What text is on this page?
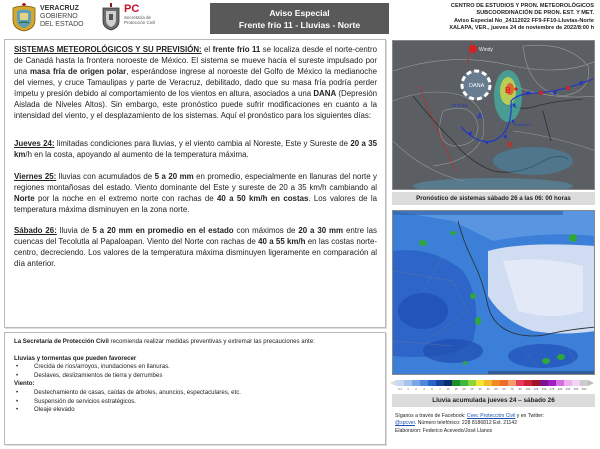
VERACRUZ
GOBIERNO
DEL ESTADO
PC
Secretaría de
Protección Civil
Aviso Especial
Frente frío 11 - Lluvias - Norte
CENTRO DE ESTUDIOS Y PRON. METEOROLÓGICOS
SUBCOORDINACIÓN DE PRON. EST. Y MET.
Aviso Especial No_24112022 FF9-FF10-Lluvias-Norte
XALAPA, VER., jueves 24 de noviembre de 2022/8:00 h

SISTEMAS METEOROLÓGICOS Y SU PREVISIÓN: el frente frío 11 se localiza desde el norte-centro de Canadá hasta la frontera noroeste de México. El sistema se mueve hacia el sureste impulsado por una masa fría de origen polar, esperándose ingrese al noroeste del Golfo de México la medianoche del viernes, y cruce Tamaulipas y parte de Veracruz, debilitado, dado que su masa fría podría perder ímpetu y presión debido al comportamiento de los vientos en altura, asociados a una DANA (Depresión Aislada de Niveles Altos). Sin embargo, este pronóstico puede sufrir modificaciones en cuanto a la intensidad del viento, y el desplazamiento de los sistemas. Aquí el pronóstico para los siguientes días:

Jueves 24: limitadas condiciones para lluvias, y el viento cambia al Noreste, Este y Sureste de 20 a 35 km/h en la costa, apoyando al aumento de la temperatura máxima.

Viernes 25: lluvias con acumulados de 5 a 20 mm en promedio, especialmente en llanuras del norte y regiones montañosas del estado. Viento dominante del Este y sureste de 20 a 35 km/h cambiando al Norte por la noche en el extremo norte con rachas de 40 a 50 km/h en costas. Los valores de la temperatura máxima disminuyen en la zona norte.

Sábado 26: lluvia de 5 a 20 mm en promedio en el estado con máximos de 20 a 30 mm entre las cuencas del Tecolutla al Papaloapan. Viento del Norte con rachas de 40 a 55 km/h en las costas norte-centro, decreciendo. Los valores de la temperatura máxima disminuyen ligeramente en comparación al día anterior.

La Secretaría de Protección Civil recomienda realizar medidas preventivas y extremar las precauciones ante:
Lluvias y tormentas que pueden favorecer
• Crecida de ríos/arroyos, inundaciones en llanuras.
• Deslaves, deslizamientos de tierra y derrumbes
Viento:
• Destechamiento de casas, caídas de árboles, anuncios, espectaculares, etc.
• Suspensión de servicios estratégicos.
• Oleaje elevado
DANA	B
B
A
Alt.Fútar
Frente 11
Windy
Pronóstico de sistemas sábado 26 a las 06: 00 horas
0.1	1	2	3	5	7	10	15	20	25	30	40	50	60	75	90	100	125	150	175	200	250	300	400
Lluvia acumulada jueves 24 – sábado 26
Síganos a través de Facebook: Ceec Protección Civil y en Twitter:
@spcver. Número telefónico: 228 8186812 Ext. 21142
Elaboraron: Federico Acevedo/José Llanos
